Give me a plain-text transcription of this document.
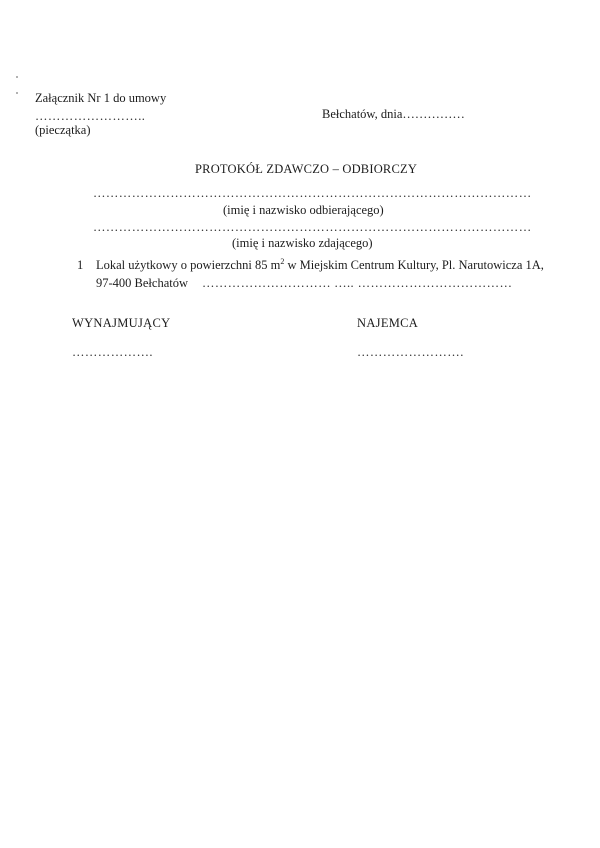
Załącznik Nr 1 do umowy
……………………..
(pieczątka)
Bełchatów, dnia……………
PROTOKÓŁ ZDAWCZO – ODBIORCZY
…………………………………………………………………………………………
(imię i nazwisko odbierającego)
…………………………………………………………………………………………
(imię i nazwisko zdającego)
1 Lokal użytkowy o powierzchni 85 $m^2$ w Miejskim Centrum Kultury, Pl. Narutowicza 1A,
97-400 Bełchatów ………………………… ….. ………………………………
WYNAJMUJĄCY	NAJEMCA
……………….	…………………….
